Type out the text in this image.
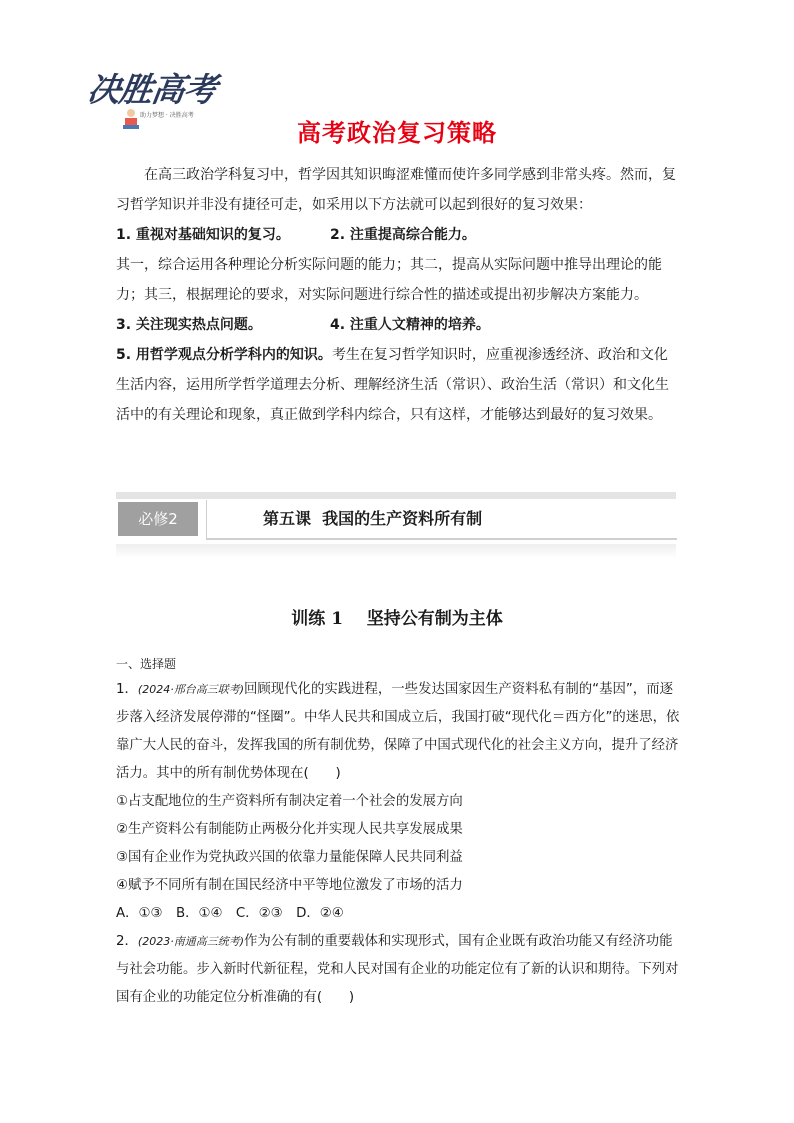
决胜高考
助力梦想 · 决胜高考
高考政治复习策略

在高三政治学科复习中，哲学因其知识晦涩难懂而使许多同学感到非常头疼。然而，复习哲学知识并非没有捷径可走，如采用以下方法就可以起到很好的复习效果：

1. 重视对基础知识的复习。	2. 注重提高综合能力。

其一，综合运用各种理论分析实际问题的能力；其二，提高从实际问题中推导出理论的能力；其三，根据理论的要求，对实际问题进行综合性的描述或提出初步解决方案能力。

3. 关注现实热点问题。	4. 注重人文精神的培养。

5. 用哲学观点分析学科内的知识。考生在复习哲学知识时，应重视渗透经济、政治和文化生活内容，运用所学哲学道理去分析、理解经济生活（常识）、政治生活（常识）和文化生活中的有关理论和现象，真正做到学科内综合，只有这样，才能够达到最好的复习效果。

必修2	第五课  我国的生产资料所有制
训练 1    坚持公有制为主体
一、选择题
1．(2024·邢台高三联考)回顾现代化的实践进程，一些发达国家因生产资料私有制的“基因”，而逐步落入经济发展停滞的“怪圈”。中华人民共和国成立后，我国打破“现代化＝西方化”的迷思，依靠广大人民的奋斗，发挥我国的所有制优势，保障了中国式现代化的社会主义方向，提升了经济活力。其中的所有制优势体现在(　　)
①占支配地位的生产资料所有制决定着一个社会的发展方向
②生产资料公有制能防止两极分化并实现人民共享发展成果
③国有企业作为党执政兴国的依靠力量能保障人民共同利益
④赋予不同所有制在国民经济中平等地位激发了市场的活力
A．①③　B．①④　C．②③　D．②④
2．(2023·南通高三统考)作为公有制的重要载体和实现形式，国有企业既有政治功能又有经济功能与社会功能。步入新时代新征程，党和人民对国有企业的功能定位有了新的认识和期待。下列对国有企业的功能定位分析准确的有(　　)
